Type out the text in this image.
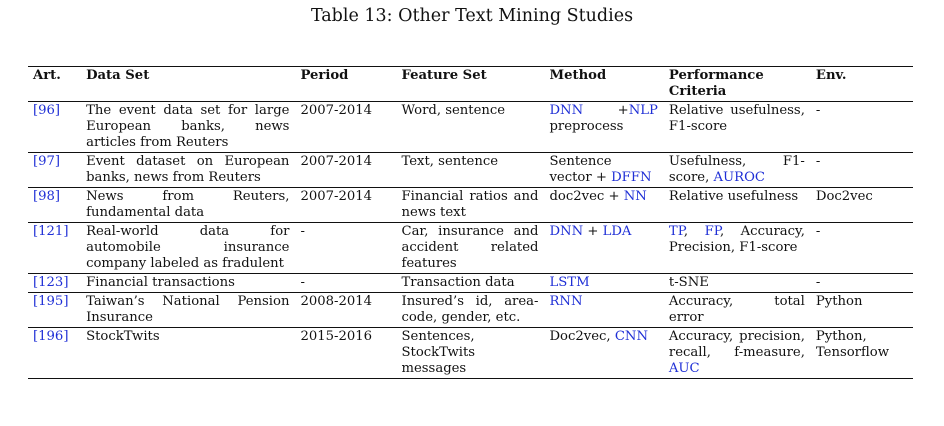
Table 13: Other Text Mining Studies
Art.	Data Set	Period	Feature Set	Method	Performance Criteria	Env.
[96]	The event data set for large European banks, news articles from Reuters	2007-2014	Word, sentence	DNN +NLP preprocess	Relative usefulness, F1-score	-
[97]	Event dataset on European banks, news from Reuters	2007-2014	Text, sentence	Sentence vector + DFFN	Usefulness, F1-score, AUROC	-
[98]	News from Reuters, fundamental data	2007-2014	Financial ratios and news text	doc2vec + NN	Relative usefulness	Doc2vec
[121]	Real-world data for automobile insurance company labeled as fradulent	-	Car, insurance and accident related features	DNN + LDA	TP, FP, Accuracy, Precision, F1-score	-
[123]	Financial transactions	-	Transaction data	LSTM	t-SNE	-
[195]	Taiwan’s National Pension Insurance	2008-2014	Insured’s id, area-code, gender, etc.	RNN	Accuracy, total error	Python
[196]	StockTwits	2015-2016	Sentences, StockTwits messages	Doc2vec, CNN	Accuracy, precision, recall, f-measure, AUC	Python, Tensorflow
